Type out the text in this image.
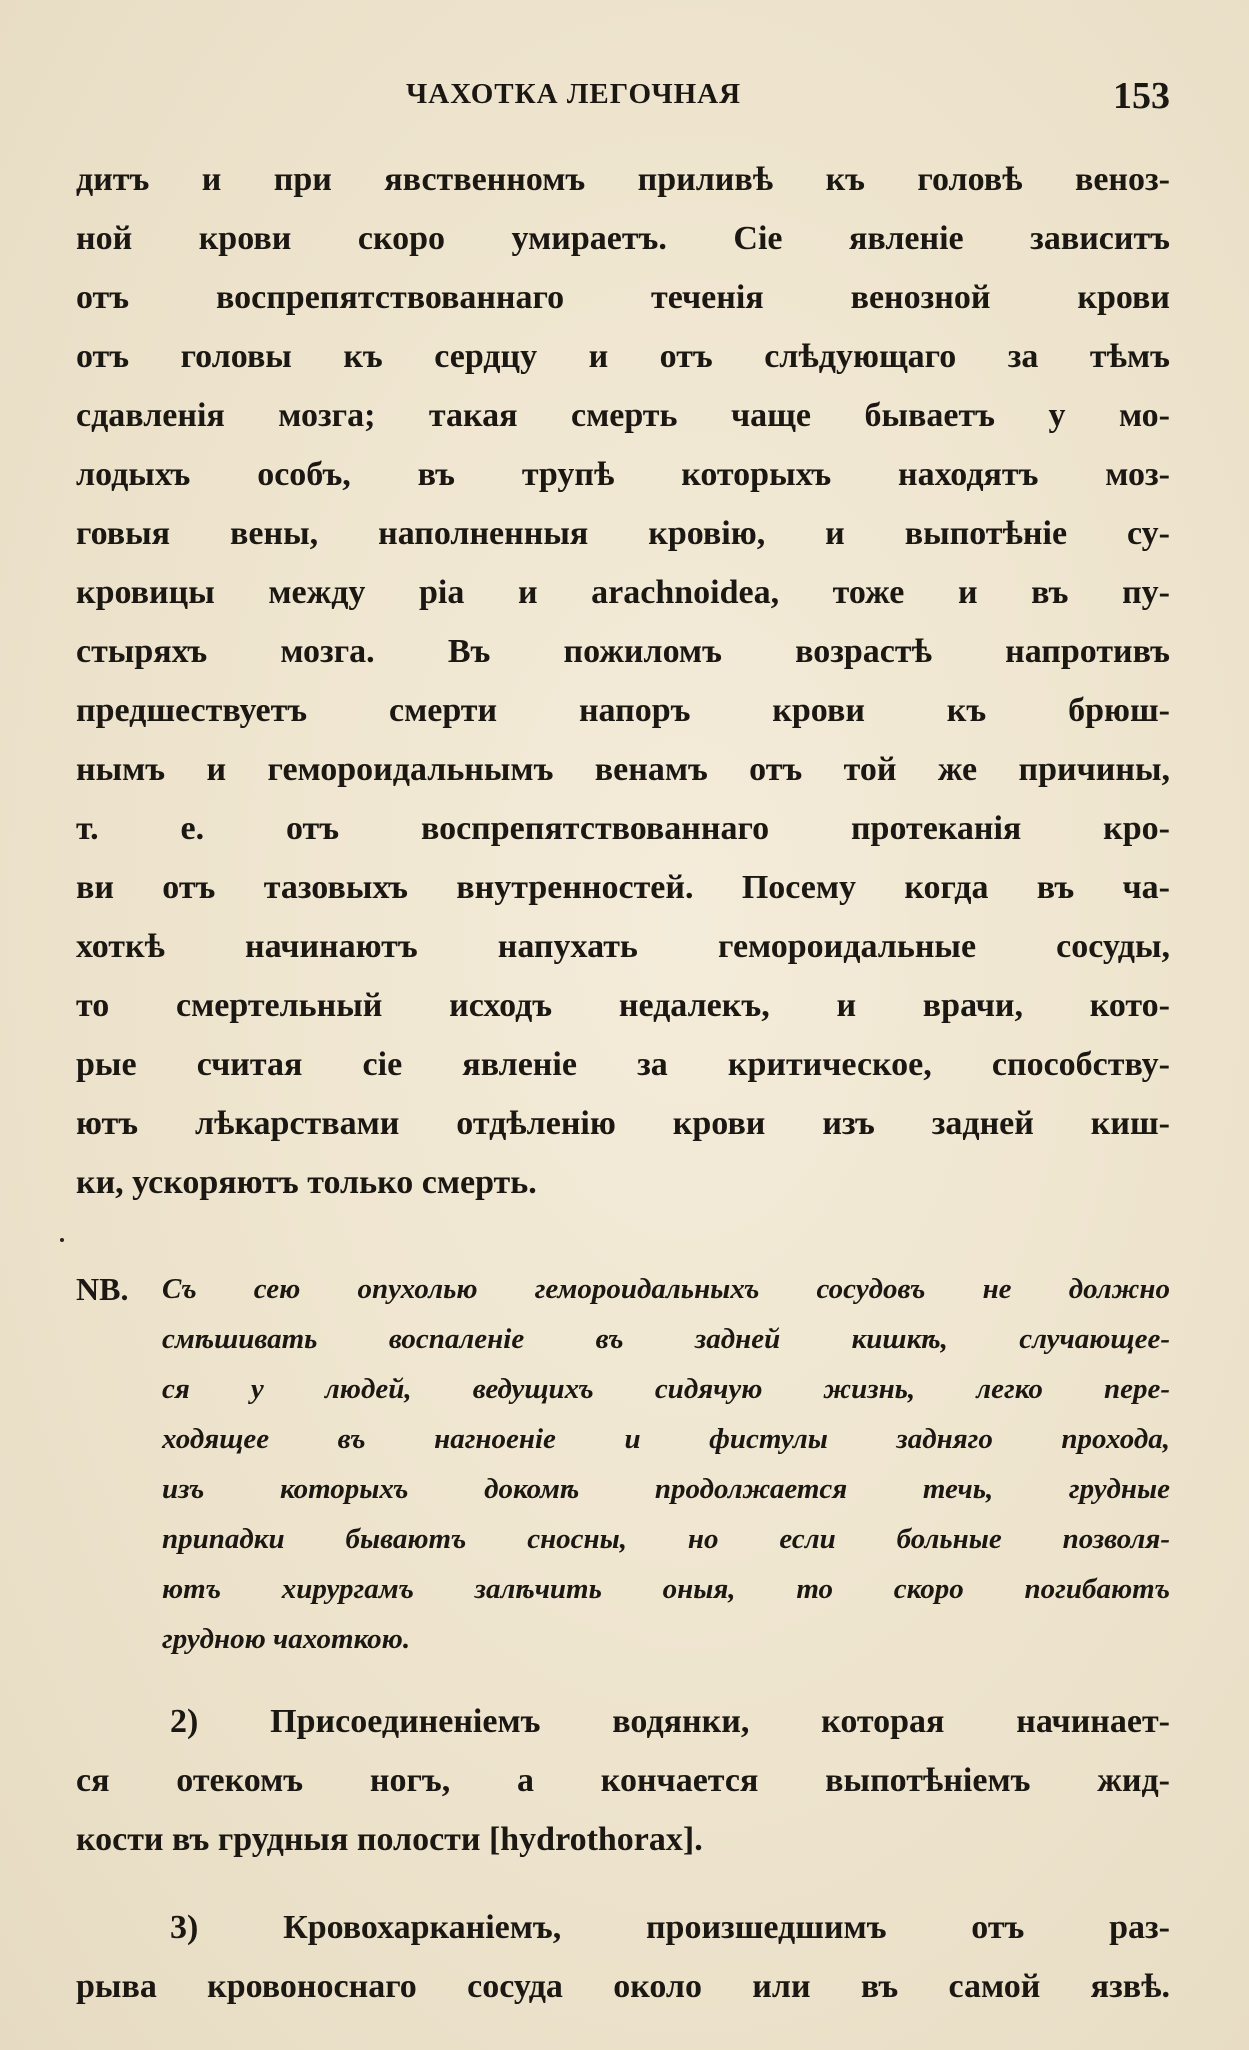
ЧАХОТКА ЛЕГОЧНАЯ	153
дитъ и при явственномъ приливѣ къ головѣ веноз-
ной крови скоро умираетъ. Сіе явленіе зависитъ
отъ воспрепятствованнаго теченія венозной крови
отъ головы къ сердцу и отъ слѣдующаго за тѣмъ
сдавленія мозга; такая смерть чаще бываетъ у мо-
лодыхъ особъ, въ трупѣ которыхъ находятъ моз-
говыя вены, наполненныя кровію, и выпотѣніе су-
кровицы между pia и arachnoidea, тоже и въ пу-
стыряхъ мозга. Въ пожиломъ возрастѣ напротивъ
предшествуетъ смерти напоръ крови къ брюш-
нымъ и геморoидальнымъ венамъ отъ той же причины,
т. е. отъ воспрепятствованнаго протеканія кро-
ви отъ тазовыхъ внутренностей. Посему когда въ ча-
хоткѣ начинаютъ напухать геморoидальные сосуды,
то смертельный исходъ недалекъ, и врачи, кото-
рые считая сіе явленіе за критическое, способству-
ютъ лѣкарствами отдѣленію крови изъ задней киш-
ки, ускоряютъ только смерть.
NB. Съ сею опухолью геморoидальныхъ сосудовъ не должно
смѣшивать воспаленіе въ задней кишкѣ, случающее-
ся у людей, ведущихъ сидячую жизнь, легко пере-
ходящее въ нагноеніе и фистулы задняго прохода,
изъ которыхъ докомѣ продолжается течь, грудные
припадки бываютъ сносны, но если больные позволя-
ютъ хирургамъ залѣчить оныя, то скоро погибаютъ
грудною чахоткою.
2) Присоединеніемъ водянки, которая начинает-
ся отекомъ ногъ, а кончается выпотѣніемъ жид-
кости въ грудныя полости [hydrothorax].
3) Кровохарканіемъ, произшедшимъ отъ раз-
рыва кровоноснаго сосуда около или въ самой язвѣ.
